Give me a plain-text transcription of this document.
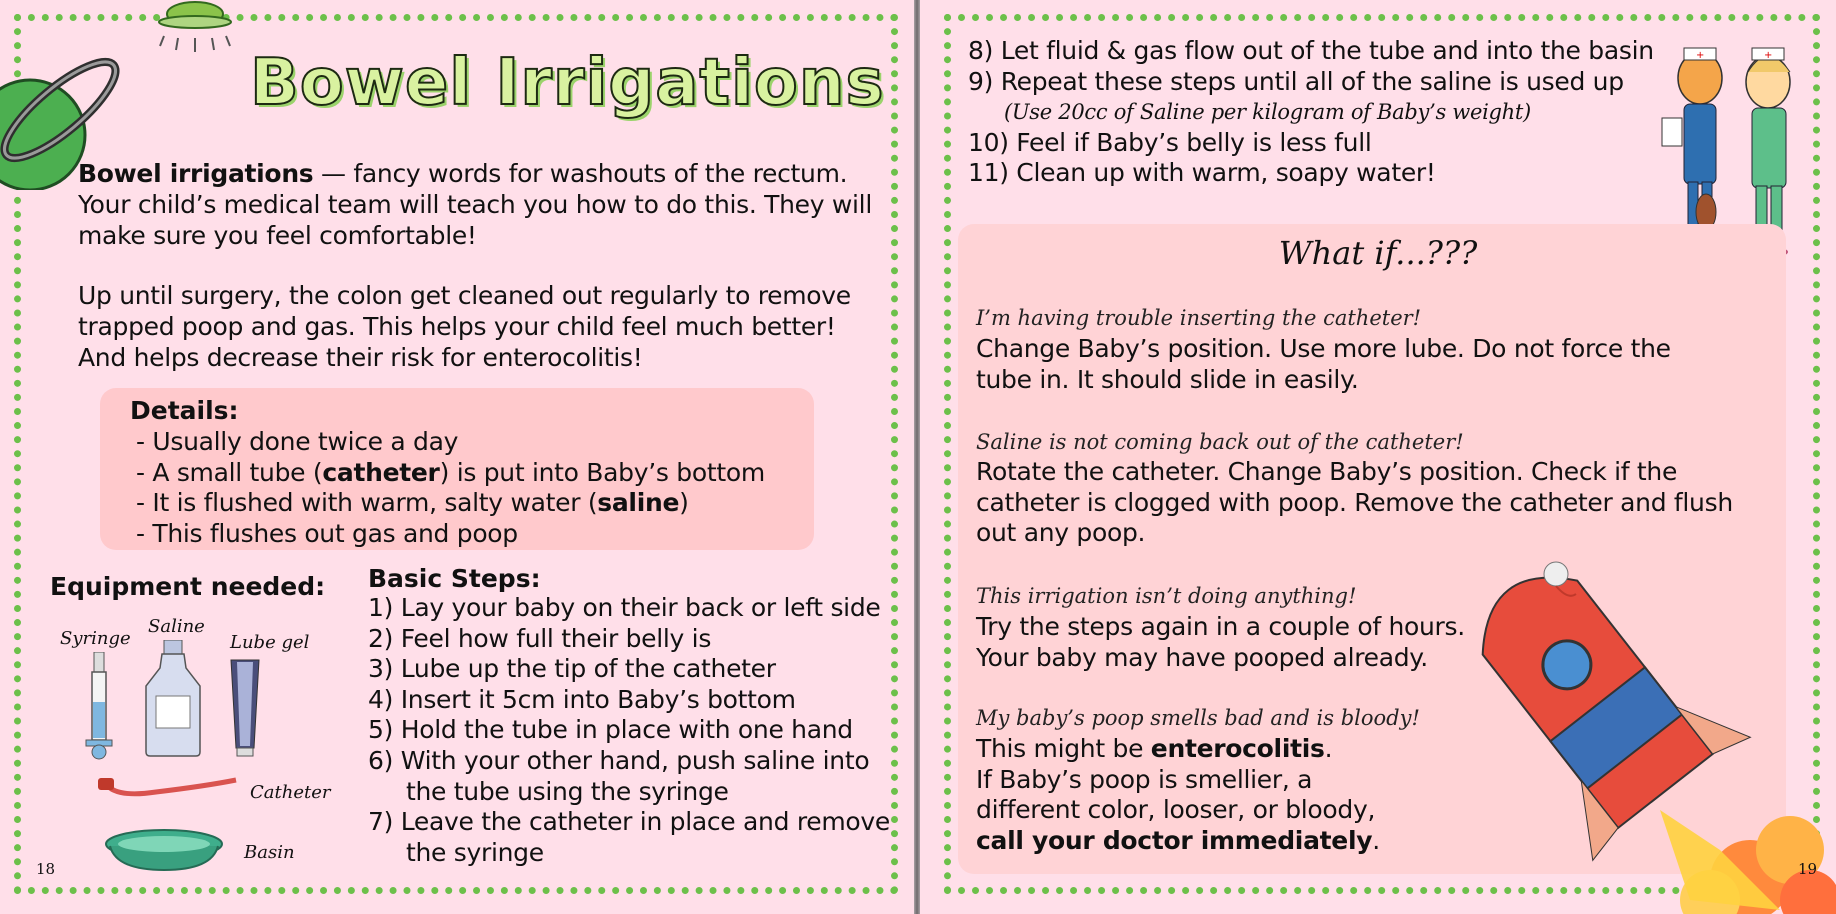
Bowel Irrigations
Bowel irrigations — fancy words for washouts of the rectum. Your child’s medical team will teach you how to do this. They will make sure you feel comfortable!
Up until surgery, the colon get cleaned out regularly to remove trapped poop and gas. This helps your child feel much better! And helps decrease their risk for enterocolitis!
Details:
- Usually done twice a day
- A small tube (catheter) is put into Baby’s bottom
- It is flushed with warm, salty water (saline)
- This flushes out gas and poop
Equipment needed:
Syringe
Saline
Lube gel
Catheter
Basin
Basic Steps:
1) Lay your baby on their back or left side
2) Feel how full their belly is
3) Lube up the tip of the catheter
4) Insert it 5cm into Baby’s bottom
5) Hold the tube in place with one hand
6) With your other hand, push saline into
the tube using the syringe
7) Leave the catheter in place and remove
the syringe
18
8) Let fluid & gas flow out of the tube and into the basin
9) Repeat these steps until all of the saline is used up
(Use 20cc of Saline per kilogram of Baby’s weight)
10) Feel if Baby’s belly is less full
11) Clean up with warm, soapy water!
+	+
What if...???
I’m having trouble inserting the catheter!
Change Baby’s position. Use more lube. Do not force the tube in. It should slide in easily.
Saline is not coming back out of the catheter!
Rotate the catheter. Change Baby’s position. Check if the catheter is clogged with poop. Remove the catheter and flush out any poop.
This irrigation isn’t doing anything!
Try the steps again in a couple of hours.
Your baby may have pooped already.
My baby’s poop smells bad and is bloody!
This might be enterocolitis.
If Baby’s poop is smellier, a
different color, looser, or bloody,
call your doctor immediately.
19
